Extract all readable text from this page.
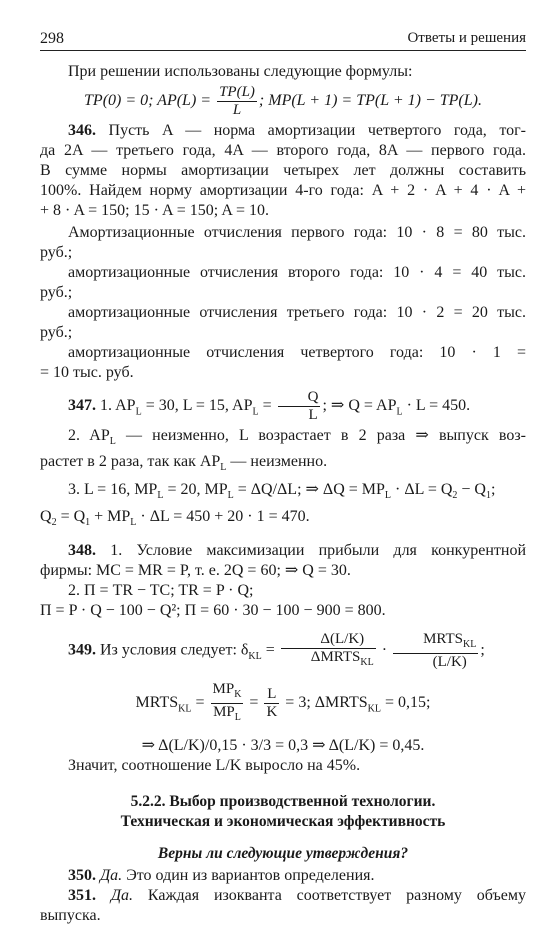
298	Ответы и решения
При решении использованы следующие формулы:
TP(0) = 0; $AP(L) = \frac{TP(L)}{L}$ ; MP(L + 1) = TP(L + 1) − TP(L).
346. Пусть A — норма амортизации четвертого года, тог-
да 2A — третьего года, 4A — второго года, 8A — первого года.
В сумме нормы амортизации четырех лет должны составить
100%. Найдем норму амортизации 4-го года: A + 2 · A + 4 · A +
+ 8 · A = 150; 15 · A = 150; A = 10.
Амортизационные отчисления первого года: 10 · 8 = 80 тыс.
руб.;
амортизационные отчисления второго года: 10 · 4 = 40 тыс.
руб.;
амортизационные отчисления третьего года: 10 · 2 = 20 тыс.
руб.;
амортизационные отчисления четвертого года: 10 · 1 =
= 10 тыс. руб.
347. 1. $AP_L = 30$, L = 15, $AP_L = \frac{Q}{L}$ ; ⇒ $Q = AP_L \cdot L = 450$.
2. $AP_L$ — неизменно, L возрастает в 2 раза ⇒ выпуск воз-
растет в 2 раза, так как $AP_L$ — неизменно.
3. L = 16, $MP_L = 20$, $MP_L = \Delta Q/\Delta L$; ⇒ $\Delta Q = MP_L \cdot \Delta L = Q_2 - Q_1$;
$Q_2 = Q_1 + MP_L \cdot \Delta L = 450 + 20 \cdot 1 = 470$.
348. 1. Условие максимизации прибыли для конкурентной
фирмы: MC = MR = P, т. е. 2Q = 60; ⇒ Q = 30.
2. Π = TR − TC; TR = P · Q;
Π = P · Q − 100 − Q²; Π = 60 · 30 − 100 − 900 = 800.
349. Из условия следует: $\delta_{KL} = \frac{\Delta(L/K)}{\Delta MRTS_{KL}} \cdot \frac{MRTS_{KL}}{(L/K)}$ ;
$MRTS_{KL} = \frac{MP_K}{MP_L} = \frac{L}{K} = 3$; $\Delta MRTS_{KL} = 0,15$;
⇒ Δ(L/K)/0,15 · 3/3 = 0,3 ⇒ Δ(L/K) = 0,45.
Значит, соотношение L/K выросло на 45%.
5.2.2. Выбор производственной технологии.
Техническая и экономическая эффективность
Верны ли следующие утверждения?
350. Да. Это один из вариантов определения.
351. Да. Каждая изокванта соответствует разному объему
выпуска.
